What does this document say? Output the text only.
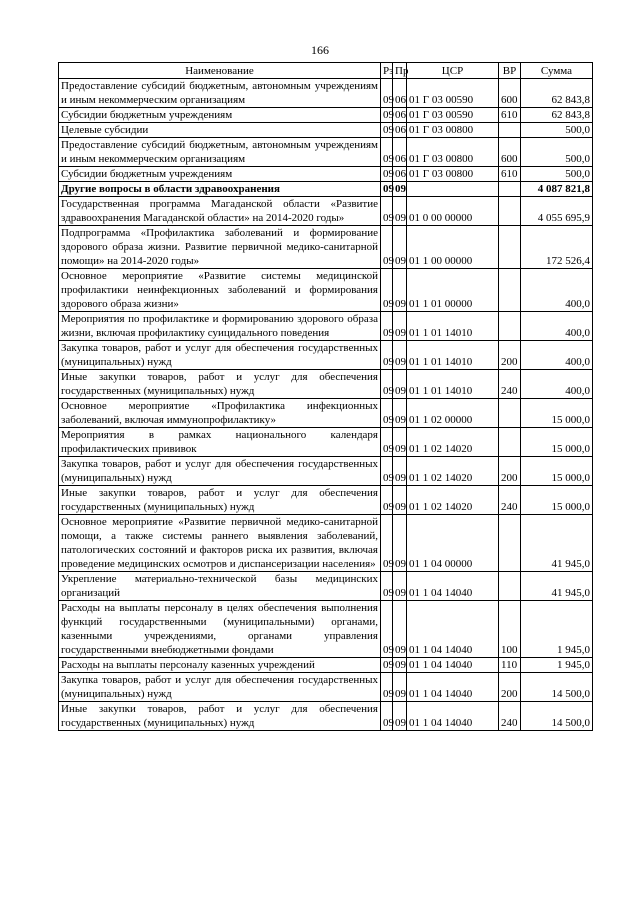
166
Наименование	Рз	Пр	ЦСР	ВР	Сумма
Предоставление субсидий бюджетным, автономным учреждениям и иным некоммерческим организациям	09	06	01 Г 03 00590	600	62 843,8
Субсидии бюджетным учреждениям	09	06	01 Г 03 00590	610	62 843,8
Целевые субсидии	09	06	01 Г 03 00800		500,0
Предоставление субсидий бюджетным, автономным учреждениям и иным некоммерческим организациям	09	06	01 Г 03 00800	600	500,0
Субсидии бюджетным учреждениям	09	06	01 Г 03 00800	610	500,0
Другие вопросы в области здравоохранения	09	09			4 087 821,8
Государственная программа Магаданской области «Развитие здравоохранения Магаданской области» на 2014-2020 годы»	09	09	01 0 00 00000		4 055 695,9
Подпрограмма «Профилактика заболеваний и формирование здорового образа жизни. Развитие первичной медико-санитарной помощи» на 2014-2020 годы»	09	09	01 1 00 00000		172 526,4
Основное мероприятие «Развитие системы медицинской профилактики неинфекционных заболеваний и формирования здорового образа жизни»	09	09	01 1 01 00000		400,0
Мероприятия по профилактике и формированию здорового образа жизни, включая профилактику суицидального поведения	09	09	01 1 01 14010		400,0
Закупка товаров, работ и услуг для обеспечения государственных (муниципальных) нужд	09	09	01 1 01 14010	200	400,0
Иные закупки товаров, работ и услуг для обеспечения государственных (муниципальных) нужд	09	09	01 1 01 14010	240	400,0
Основное мероприятие «Профилактика инфекционных заболеваний, включая иммунопрофилактику»	09	09	01 1 02 00000		15 000,0
Мероприятия в рамках национального календаря профилактических прививок	09	09	01 1 02 14020		15 000,0
Закупка товаров, работ и услуг для обеспечения государственных (муниципальных) нужд	09	09	01 1 02 14020	200	15 000,0
Иные закупки товаров, работ и услуг для обеспечения государственных (муниципальных) нужд	09	09	01 1 02 14020	240	15 000,0
Основное мероприятие «Развитие первичной медико-санитарной помощи, а также системы раннего выявления заболеваний, патологических состояний и факторов риска их развития, включая проведение медицинских осмотров и диспансеризации населения»	09	09	01 1 04 00000		41 945,0
Укрепление материально-технической базы медицинских организаций	09	09	01 1 04 14040		41 945,0
Расходы на выплаты персоналу в целях обеспечения выполнения функций государственными (муниципальными) органами, казенными учреждениями, органами управления государственными внебюджетными фондами	09	09	01 1 04 14040	100	1 945,0
Расходы на выплаты персоналу казенных учреждений	09	09	01 1 04 14040	110	1 945,0
Закупка товаров, работ и услуг для обеспечения государственных (муниципальных) нужд	09	09	01 1 04 14040	200	14 500,0
Иные закупки товаров, работ и услуг для обеспечения государственных (муниципальных) нужд	09	09	01 1 04 14040	240	14 500,0
